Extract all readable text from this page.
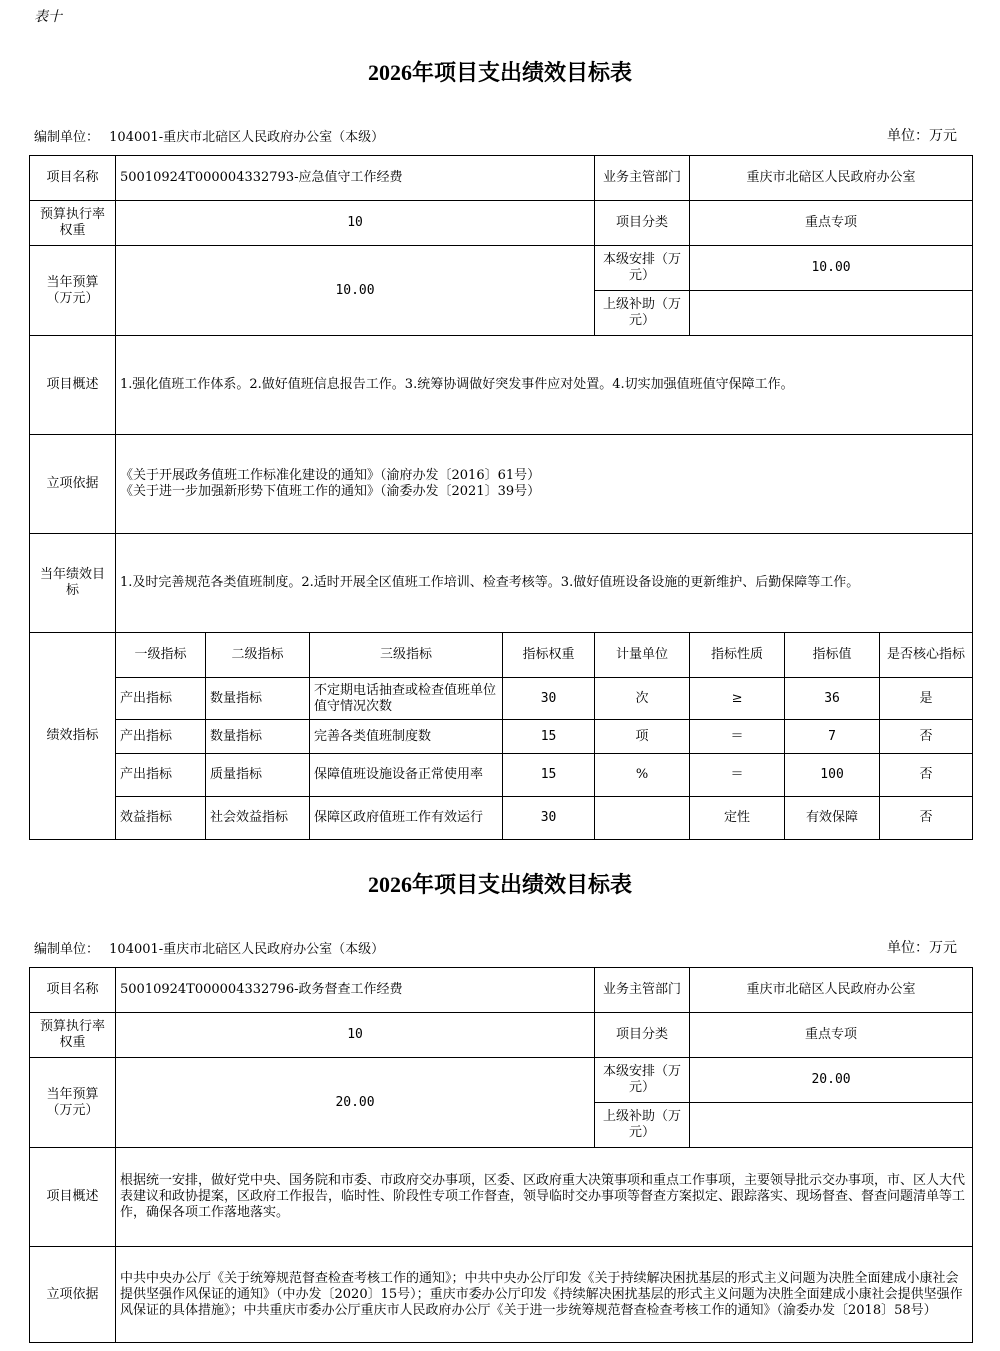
表十
2026年项目支出绩效目标表
编制单位： 104001-重庆市北碚区人民政府办公室（本级）	单位：万元
项目名称	50010924T000004332793-应急值守工作经费				业务主管部门	重庆市北碚区人民政府办公室		
预算执行率权重	10				项目分类	重点专项		
当年预算（万元）	10.00				本级安排（万元）	10.00		
					上级补助（万元）			
项目概述	1.强化值班工作体系。2.做好值班信息报告工作。3.统筹协调做好突发事件应对处置。4.切实加强值班值守保障工作。							
立项依据	《关于开展政务值班工作标准化建设的通知》（渝府办发〔2016〕61号）
《关于进一步加强新形势下值班工作的通知》（渝委办发〔2021〕39号）							

当年绩效目标	1.及时完善规范各类值班制度。2.适时开展全区值班工作培训、检查考核等。3.做好值班设备设施的更新维护、后勤保障等工作。							
绩效指标	一级指标	二级指标	三级指标	指标权重	计量单位	指标性质	指标值	是否核心指标
	产出指标	数量指标	不定期电话抽查或检查值班单位值守情况次数	30	次	≥	36	是
	产出指标	数量指标	完善各类值班制度数	15	项	＝	7	否
	产出指标	质量指标	保障值班设施设备正常使用率	15	%	＝	100	否
	效益指标	社会效益指标	保障区政府值班工作有效运行	30		定性	有效保障	否
2026年项目支出绩效目标表
编制单位： 104001-重庆市北碚区人民政府办公室（本级）	单位：万元
项目名称	50010924T000004332796-政务督查工作经费	业务主管部门	重庆市北碚区人民政府办公室
预算执行率权重	10	项目分类	重点专项
当年预算（万元）	20.00	本级安排（万元）	20.00
		上级补助（万元）	
项目概述	根据统一安排，做好党中央、国务院和市委、市政府交办事项，区委、区政府重大决策事项和重点工作事项，主要领导批示交办事项，市、区人大代表建议和政协提案，区政府工作报告，临时性、阶段性专项工作督查，领导临时交办事项等督查方案拟定、跟踪落实、现场督查、督查问题清单等工作，确保各项工作落地落实。		
立项依据	中共中央办公厅《关于统筹规范督查检查考核工作的通知》；中共中央办公厅印发《关于持续解决困扰基层的形式主义问题为决胜全面建成小康社会提供坚强作风保证的通知》（中办发〔2020〕15号）；重庆市委办公厅印发《持续解决困扰基层的形式主义问题为决胜全面建成小康社会提供坚强作风保证的具体措施》；中共重庆市委办公厅重庆市人民政府办公厅《关于进一步统筹规范督查检查考核工作的通知》（渝委办发〔2018〕58号）		
